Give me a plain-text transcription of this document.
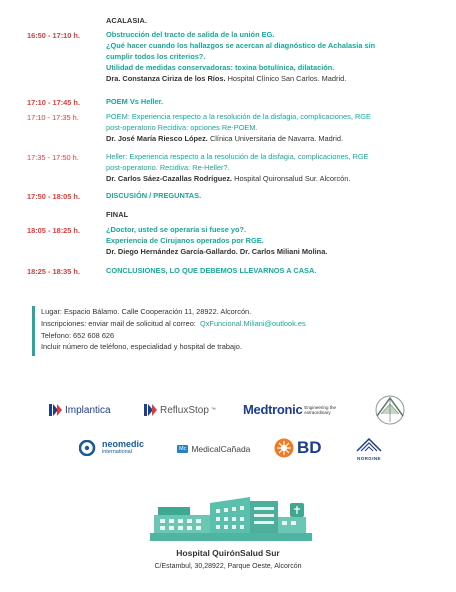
ACALASIA.
16:50 - 17:10 h.	Obstrucción del tracto de salida de la unión EG.
¿Qué hacer cuando los hallazgos se acercan al diagnóstico de Achalasia sin
cumplir todos los criterios?.
Utilidad de medidas conservadoras: toxina botulínica, dilatación.
Dra. Constanza Ciriza de los Ríos. Hospital Clínico San Carlos. Madrid.
17:10 - 17:45 h.	POEM Vs Heller.
17:10 - 17:35 h.	POEM: Experiencia respecto a la resolución de la disfagia, complicaciones, RGE
post-operatorio Recidiva: opciones Re-POEM.
Dr. José María Riesco López. Clínica Universitaria de Navarra. Madrid.
17:35 - 17:50 h.	Heller: Experiencia respecto a la resolución de la disfagia, complicaciones, RGE
post-operatorio. Recidiva: Re-Heller?.
Dr. Carlos Sáez-Cazallas Rodríguez. Hospital Quironsalud Sur. Alcorcón.
17:50 - 18:05 h.	DISCUSIÓN / PREGUNTAS.
FINAL
18:05 - 18:25 h.	¿Doctor, usted se operaría si fuese yo?.
Experiencia de Cirujanos operados por RGE.
Dr. Diego Hernández García-Gallardo. Dr. Carlos Miliani Molina.
18:25 - 18:35 h.	CONCLUSIONES, LO QUE DEBEMOS LLEVARNOS A CASA.
Lugar: Espacio Bálamo. Calle Cooperación 11, 28922. Alcorcón.
Inscripciones: enviar mail de solicitud al correo: QxFuncional.Miliani@outlook.es
Telefono: 652 608 626
Incluir número de teléfono, especialidad y hospital de trabajo.
Implantica	RefluxStop ™ Medtronic Engineering the extraordinary
neomedic
international	Mc MedicalCañada	BD
NORGINE
Hospital QuirónSalud Sur
C/Estambul, 30,28922, Parque Oeste, Alcorcón
